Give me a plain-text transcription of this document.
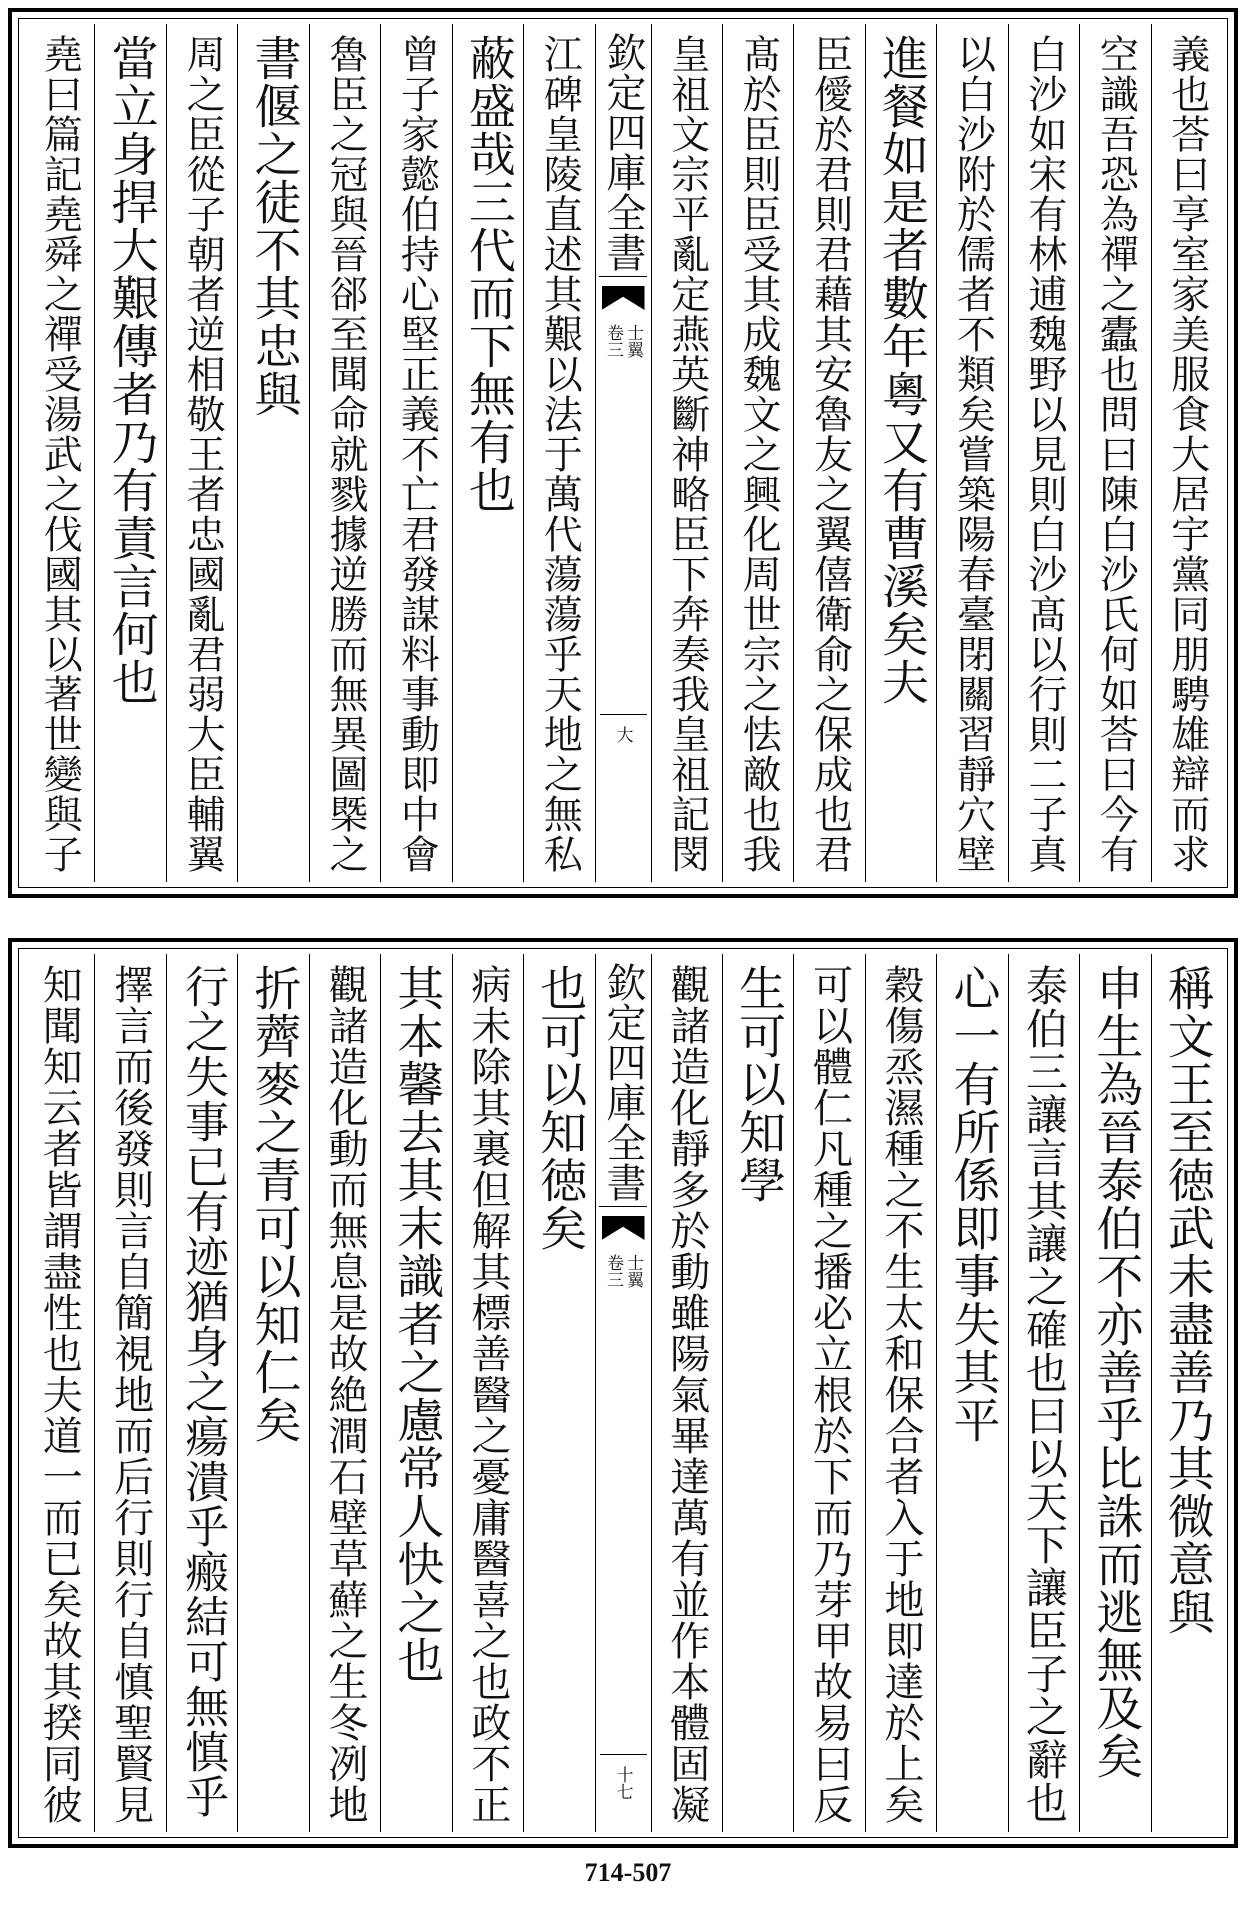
義也荅曰享室家美服食大居宇黨同朋騁雄辯而求
空識吾恐為禪之蠹也問曰陳白沙氏何如荅曰今有
白沙如宋有林逋魏野以見則白沙髙以行則二子真
以白沙附於儒者不類矣嘗築陽春臺閉關習靜穴壁
進餐如是者數年粵又有曹溪矣夫
臣僾於君則君藉其安魯友之翼僖衛俞之保成也君
髙於臣則臣受其成魏文之興化周世宗之怯敵也我
皇祖文宗平亂定燕英斷神略臣下奔奏我皇祖記閔
欽定四庫全書
士翼
卷三
大
江碑皇陵直述其艱以法于萬代蕩蕩乎天地之無私
蔽盛哉三代而下無有也
曾子家懿伯持心堅正義不亡君發謀料事動即中會
魯臣之冠與晉郤至聞命就戮據逆勝而無異圖槩之
書偃之徒不其忠與
周之臣從子朝者逆相敬王者忠國亂君弱大臣輔翼
當立身捍大艱傳者乃有責言何也
堯曰篇記堯舜之禪受湯武之伐國其以著世變與子
稱文王至徳武未盡善乃其微意與
申生為晉泰伯不亦善乎比誅而逃無及矣
泰伯三讓言其讓之確也曰以天下讓臣子之辭也
心一有所係即事失其平
穀傷烝濕種之不生太和保合者入于地即達於上矣
可以體仁凡種之播必立根於下而乃芽甲故易曰反
生可以知學
觀諸造化靜多於動雖陽氣畢達萬有並作本體固凝
欽定四庫全書
士翼
卷三
十七
也可以知徳矣
病未除其裏但解其標善醫之憂庸醫喜之也政不正
其本馨去其末識者之慮常人快之也
觀諸造化動而無息是故絶澗石壁草蘚之生冬冽地
折薺麥之青可以知仁矣
行之失事已有迹猶身之瘍潰乎瘢結可無慎乎
擇言而後發則言自簡視地而后行則行自慎聖賢見
知聞知云者皆謂盡性也夫道一而已矣故其揆同彼
714-507
